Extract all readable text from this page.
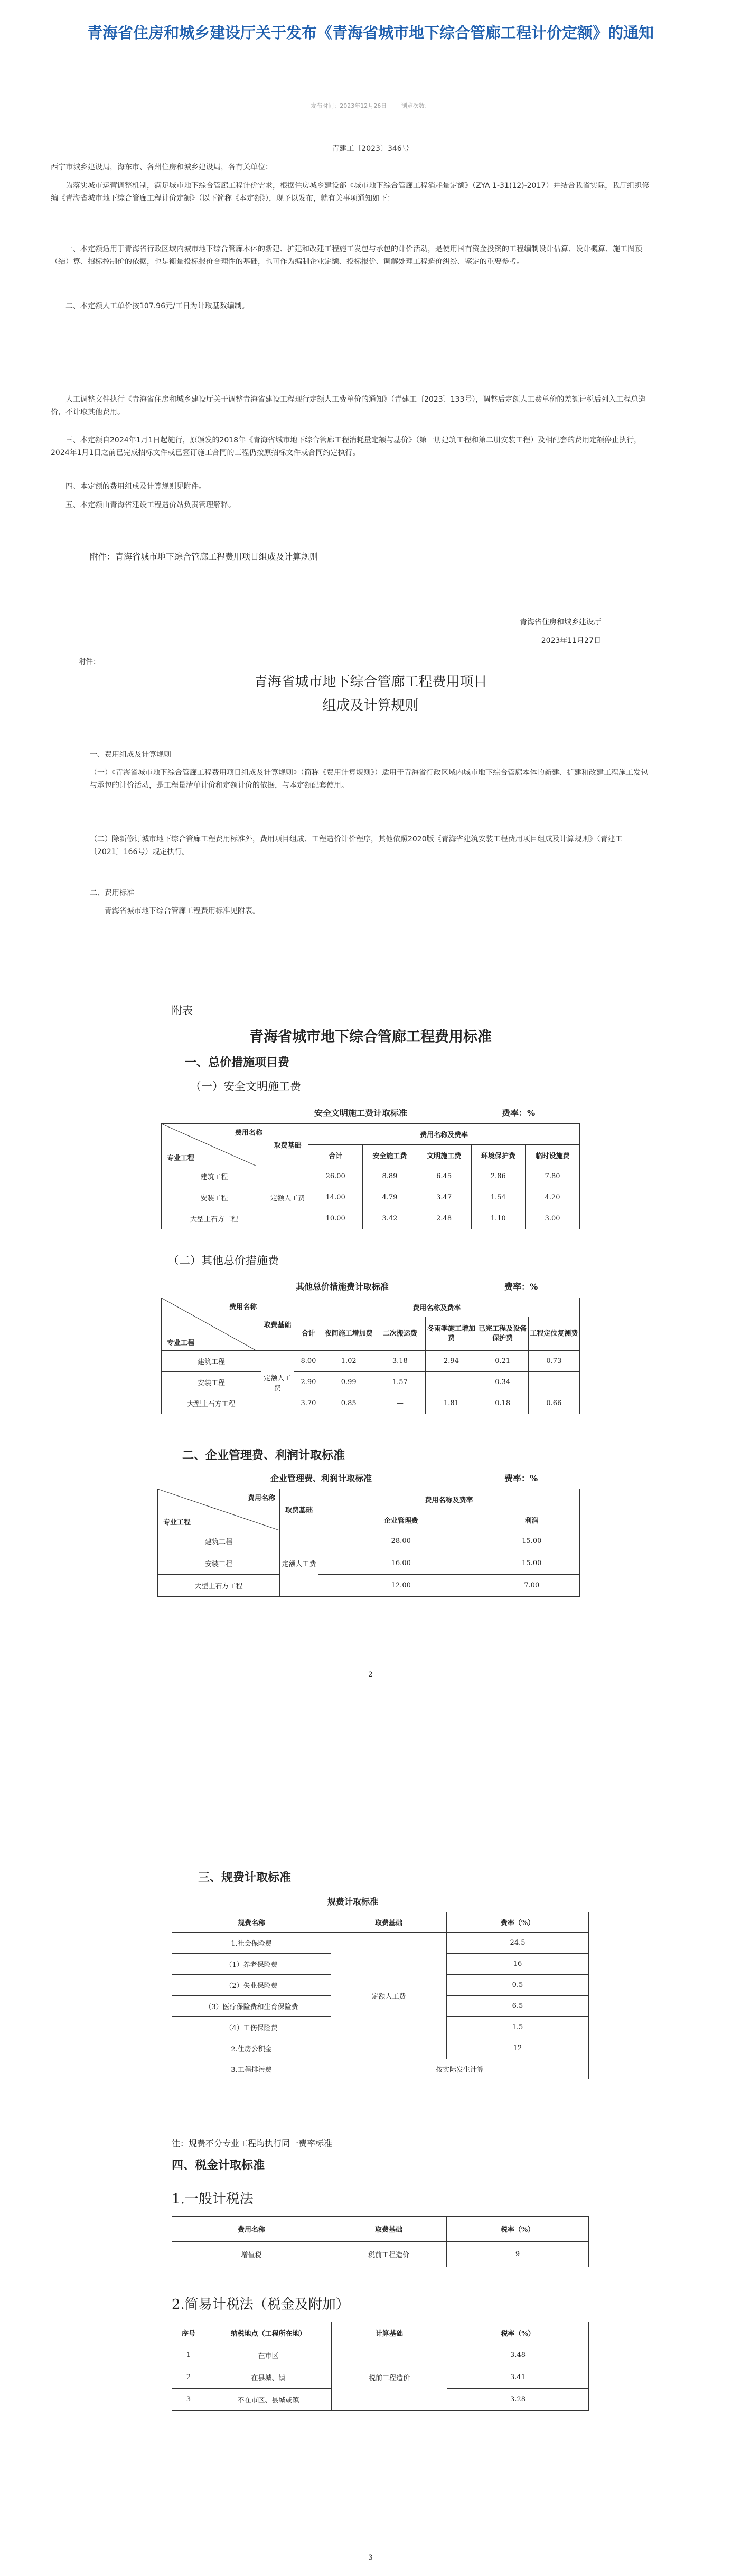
青海省住房和城乡建设厅关于发布《青海省城市地下综合管廊工程计价定额》的通知
发布时间：2023年12月26日	浏览次数：
青建工〔2023〕346号
西宁市城乡建设局，海东市、各州住房和城乡建设局，各有关单位：
为落实城市运营调整机制，满足城市地下综合管廊工程计价需求，根据住房城乡建设部《城市地下综合管廊工程消耗量定额》（ZYA 1-31(12)-2017）并结合我省实际，我厅组织修编《青海省城市地下综合管廊工程计价定额》（以下简称《本定额》），现予以发布，就有关事项通知如下：
一、本定额适用于青海省行政区域内城市地下综合管廊本体的新建、扩建和改建工程施工发包与承包的计价活动，是使用国有资金投资的工程编制设计估算、设计概算、施工图预（结）算、招标控制价的依据，也是衡量投标报价合理性的基础，也可作为编制企业定额、投标报价、调解处理工程造价纠纷、鉴定的重要参考。
二、本定额人工单价按107.96元/工日为计取基数编制。
人工调整文件执行《青海省住房和城乡建设厅关于调整青海省建设工程现行定额人工费单价的通知》（青建工〔2023〕133号），调整后定额人工费单价的差额计税后列入工程总造价，不计取其他费用。
三、本定额自2024年1月1日起施行，原颁发的2018年《青海省城市地下综合管廊工程消耗量定额与基价》（第一册建筑工程和第二册安装工程）及相配套的费用定额停止执行，2024年1月1日之前已完成招标文件或已签订施工合同的工程仍按原招标文件或合同约定执行。
四、本定额的费用组成及计算规则见附件。
五、本定额由青海省建设工程造价站负责管理解释。
附件：青海省城市地下综合管廊工程费用项目组成及计算规则
青海省住房和城乡建设厅
2023年11月27日
附件：
青海省城市地下综合管廊工程费用项目
组成及计算规则
一、费用组成及计算规则
（一）《青海省城市地下综合管廊工程费用项目组成及计算规则》（简称《费用计算规则》）适用于青海省行政区域内城市地下综合管廊本体的新建、扩建和改建工程施工发包与承包的计价活动，是工程量清单计价和定额计价的依据，与本定额配套使用。
（二）除新修订城市地下综合管廊工程费用标准外，费用项目组成、工程造价计价程序，其他依照2020版《青海省建筑安装工程费用项目组成及计算规则》（青建工〔2021〕166号）规定执行。
二、费用标准
青海省城市地下综合管廊工程费用标准见附表。
附表
青海省城市地下综合管廊工程费用标准
一、总价措施项目费
（一）安全文明施工费
安全文明施工费计取标准	费率：%
费用名称
专业工程	取费基础	费用名称及费率				
		合计	安全施工费	文明施工费	环境保护费	临时设施费
建筑工程	定额人工费	26.00	8.89	6.45	2.86	7.80
安装工程		14.00	4.79	3.47	1.54	4.20
大型土石方工程		10.00	3.42	2.48	1.10	3.00
（二）其他总价措施费
其他总价措施费计取标准	费率：%
费用名称
专业工程	取费基础	费用名称及费率					
		合计	夜间施工增加费	二次搬运费	冬雨季施工增加费	已完工程及设备保护费	工程定位复测费
建筑工程	定额人工费	8.00	1.02	3.18	2.94	0.21	0.73
安装工程		2.90	0.99	1.57	—	0.34	—
大型土石方工程		3.70	0.85	—	1.81	0.18	0.66
二、企业管理费、利润计取标准
企业管理费、利润计取标准	费率：%
费用名称
专业工程	取费基础	费用名称及费率	
		企业管理费	利润
建筑工程	定额人工费	28.00	15.00
安装工程		16.00	15.00
大型土石方工程		12.00	7.00
2
三、规费计取标准
规费计取标准
规费名称	取费基础	费率（%）
1.社会保险费	定额人工费	24.5
（1）养老保险费		16
（2）失业保险费		0.5
（3）医疗保险费和生育保险费		6.5
（4）工伤保险费		1.5
2.住房公积金		12
3.工程排污费	按实际发生计算	
注：规费不分专业工程均执行同一费率标准
四、税金计取标准
1.一般计税法
费用名称	取费基础	税率（%）
增值税	税前工程造价	9
2.简易计税法（税金及附加）
序号	纳税地点（工程所在地）	计算基础	税率（%）
1	在市区	税前工程造价	3.48
2	在县城、镇		3.41
3	不在市区、县城或镇		3.28
3
